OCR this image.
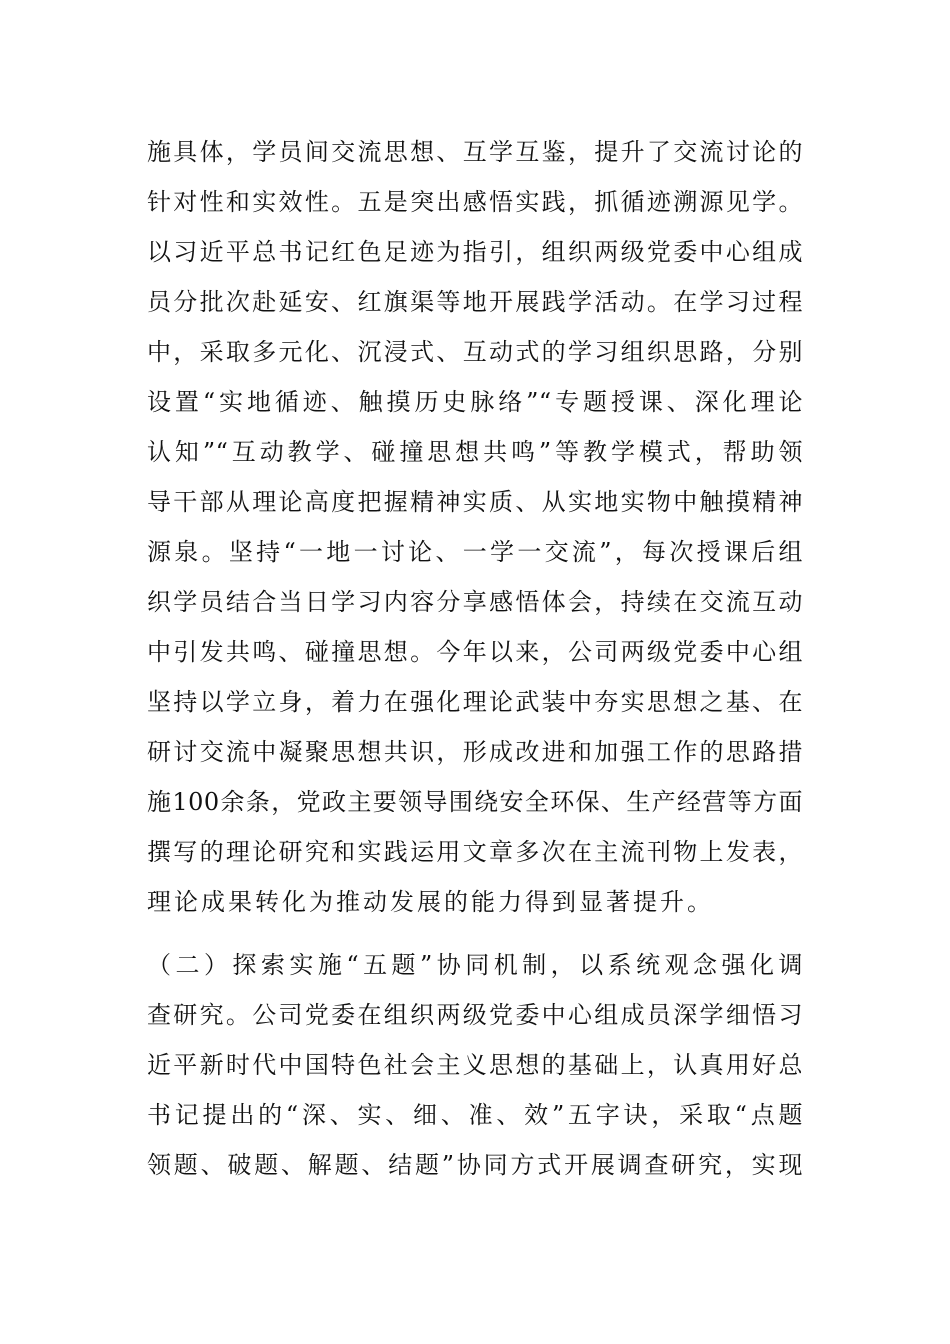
施具体，学员间交流思想、互学互鉴，提升了交流讨论的
针对性和实效性。五是突出感悟实践，抓循迹溯源见学。
以习近平总书记红色足迹为指引，组织两级党委中心组成
员分批次赴延安、红旗渠等地开展践学活动。在学习过程
中，采取多元化、沉浸式、互动式的学习组织思路，分别
设置“实地循迹、触摸历史脉络”“专题授课、深化理论
认知”“互动教学、碰撞思想共鸣”等教学模式，帮助领
导干部从理论高度把握精神实质、从实地实物中触摸精神
源泉。坚持“一地一讨论、一学一交流”，每次授课后组
织学员结合当日学习内容分享感悟体会，持续在交流互动
中引发共鸣、碰撞思想。今年以来，公司两级党委中心组
坚持以学立身，着力在强化理论武装中夯实思想之基、在
研讨交流中凝聚思想共识，形成改进和加强工作的思路措
施100余条，党政主要领导围绕安全环保、生产经营等方面
撰写的理论研究和实践运用文章多次在主流刊物上发表，
理论成果转化为推动发展的能力得到显著提升。
（二）探索实施“五题”协同机制，以系统观念强化调
查研究。公司党委在组织两级党委中心组成员深学细悟习
近平新时代中国特色社会主义思想的基础上，认真用好总
书记提出的“深、实、细、准、效”五字诀，采取“点题
领题、破题、解题、结题”协同方式开展调查研究，实现
